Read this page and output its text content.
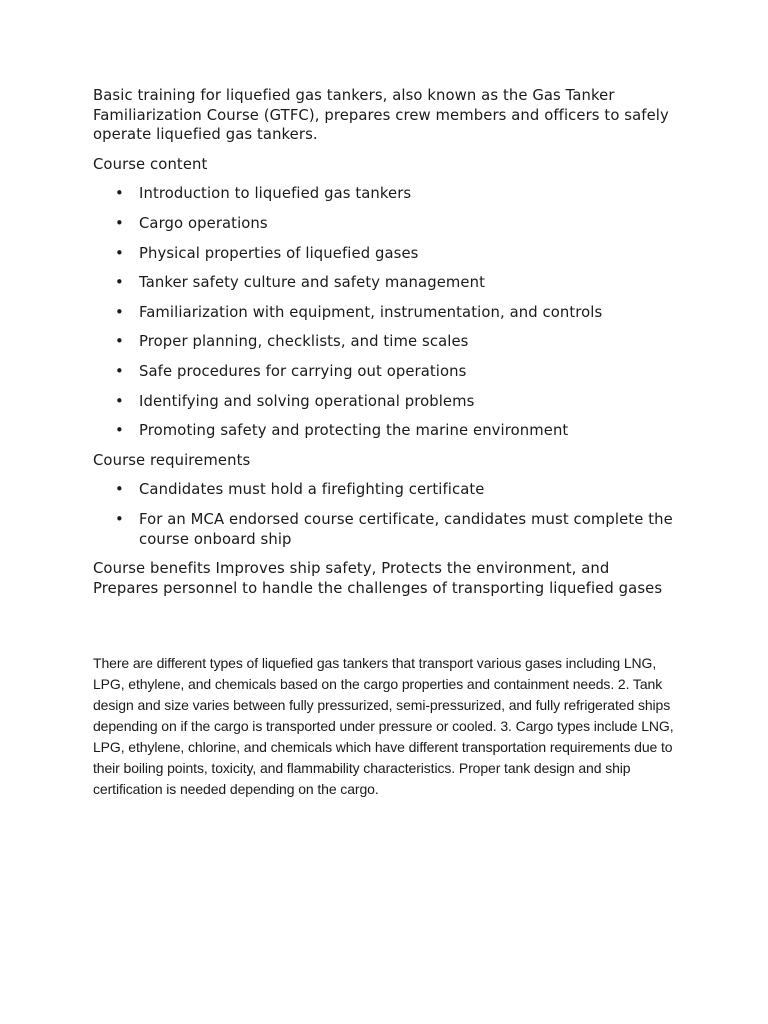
Basic training for liquefied gas tankers, also known as the Gas Tanker Familiarization Course (GTFC), prepares crew members and officers to safely operate liquefied gas tankers.

Course content

• Introduction to liquefied gas tankers
• Cargo operations
• Physical properties of liquefied gases
• Tanker safety culture and safety management
• Familiarization with equipment, instrumentation, and controls
• Proper planning, checklists, and time scales
• Safe procedures for carrying out operations
• Identifying and solving operational problems
• Promoting safety and protecting the marine environment

Course requirements

• Candidates must hold a firefighting certificate
• For an MCA endorsed course certificate, candidates must complete the course onboard ship

Course benefits Improves ship safety, Protects the environment, and Prepares personnel to handle the challenges of transporting liquefied gases

There are different types of liquefied gas tankers that transport various gases including LNG, LPG, ethylene, and chemicals based on the cargo properties and containment needs. 2. Tank design and size varies between fully pressurized, semi-pressurized, and fully refrigerated ships depending on if the cargo is transported under pressure or cooled. 3. Cargo types include LNG, LPG, ethylene, chlorine, and chemicals which have different transportation requirements due to their boiling points, toxicity, and flammability characteristics. Proper tank design and ship certification is needed depending on the cargo.
